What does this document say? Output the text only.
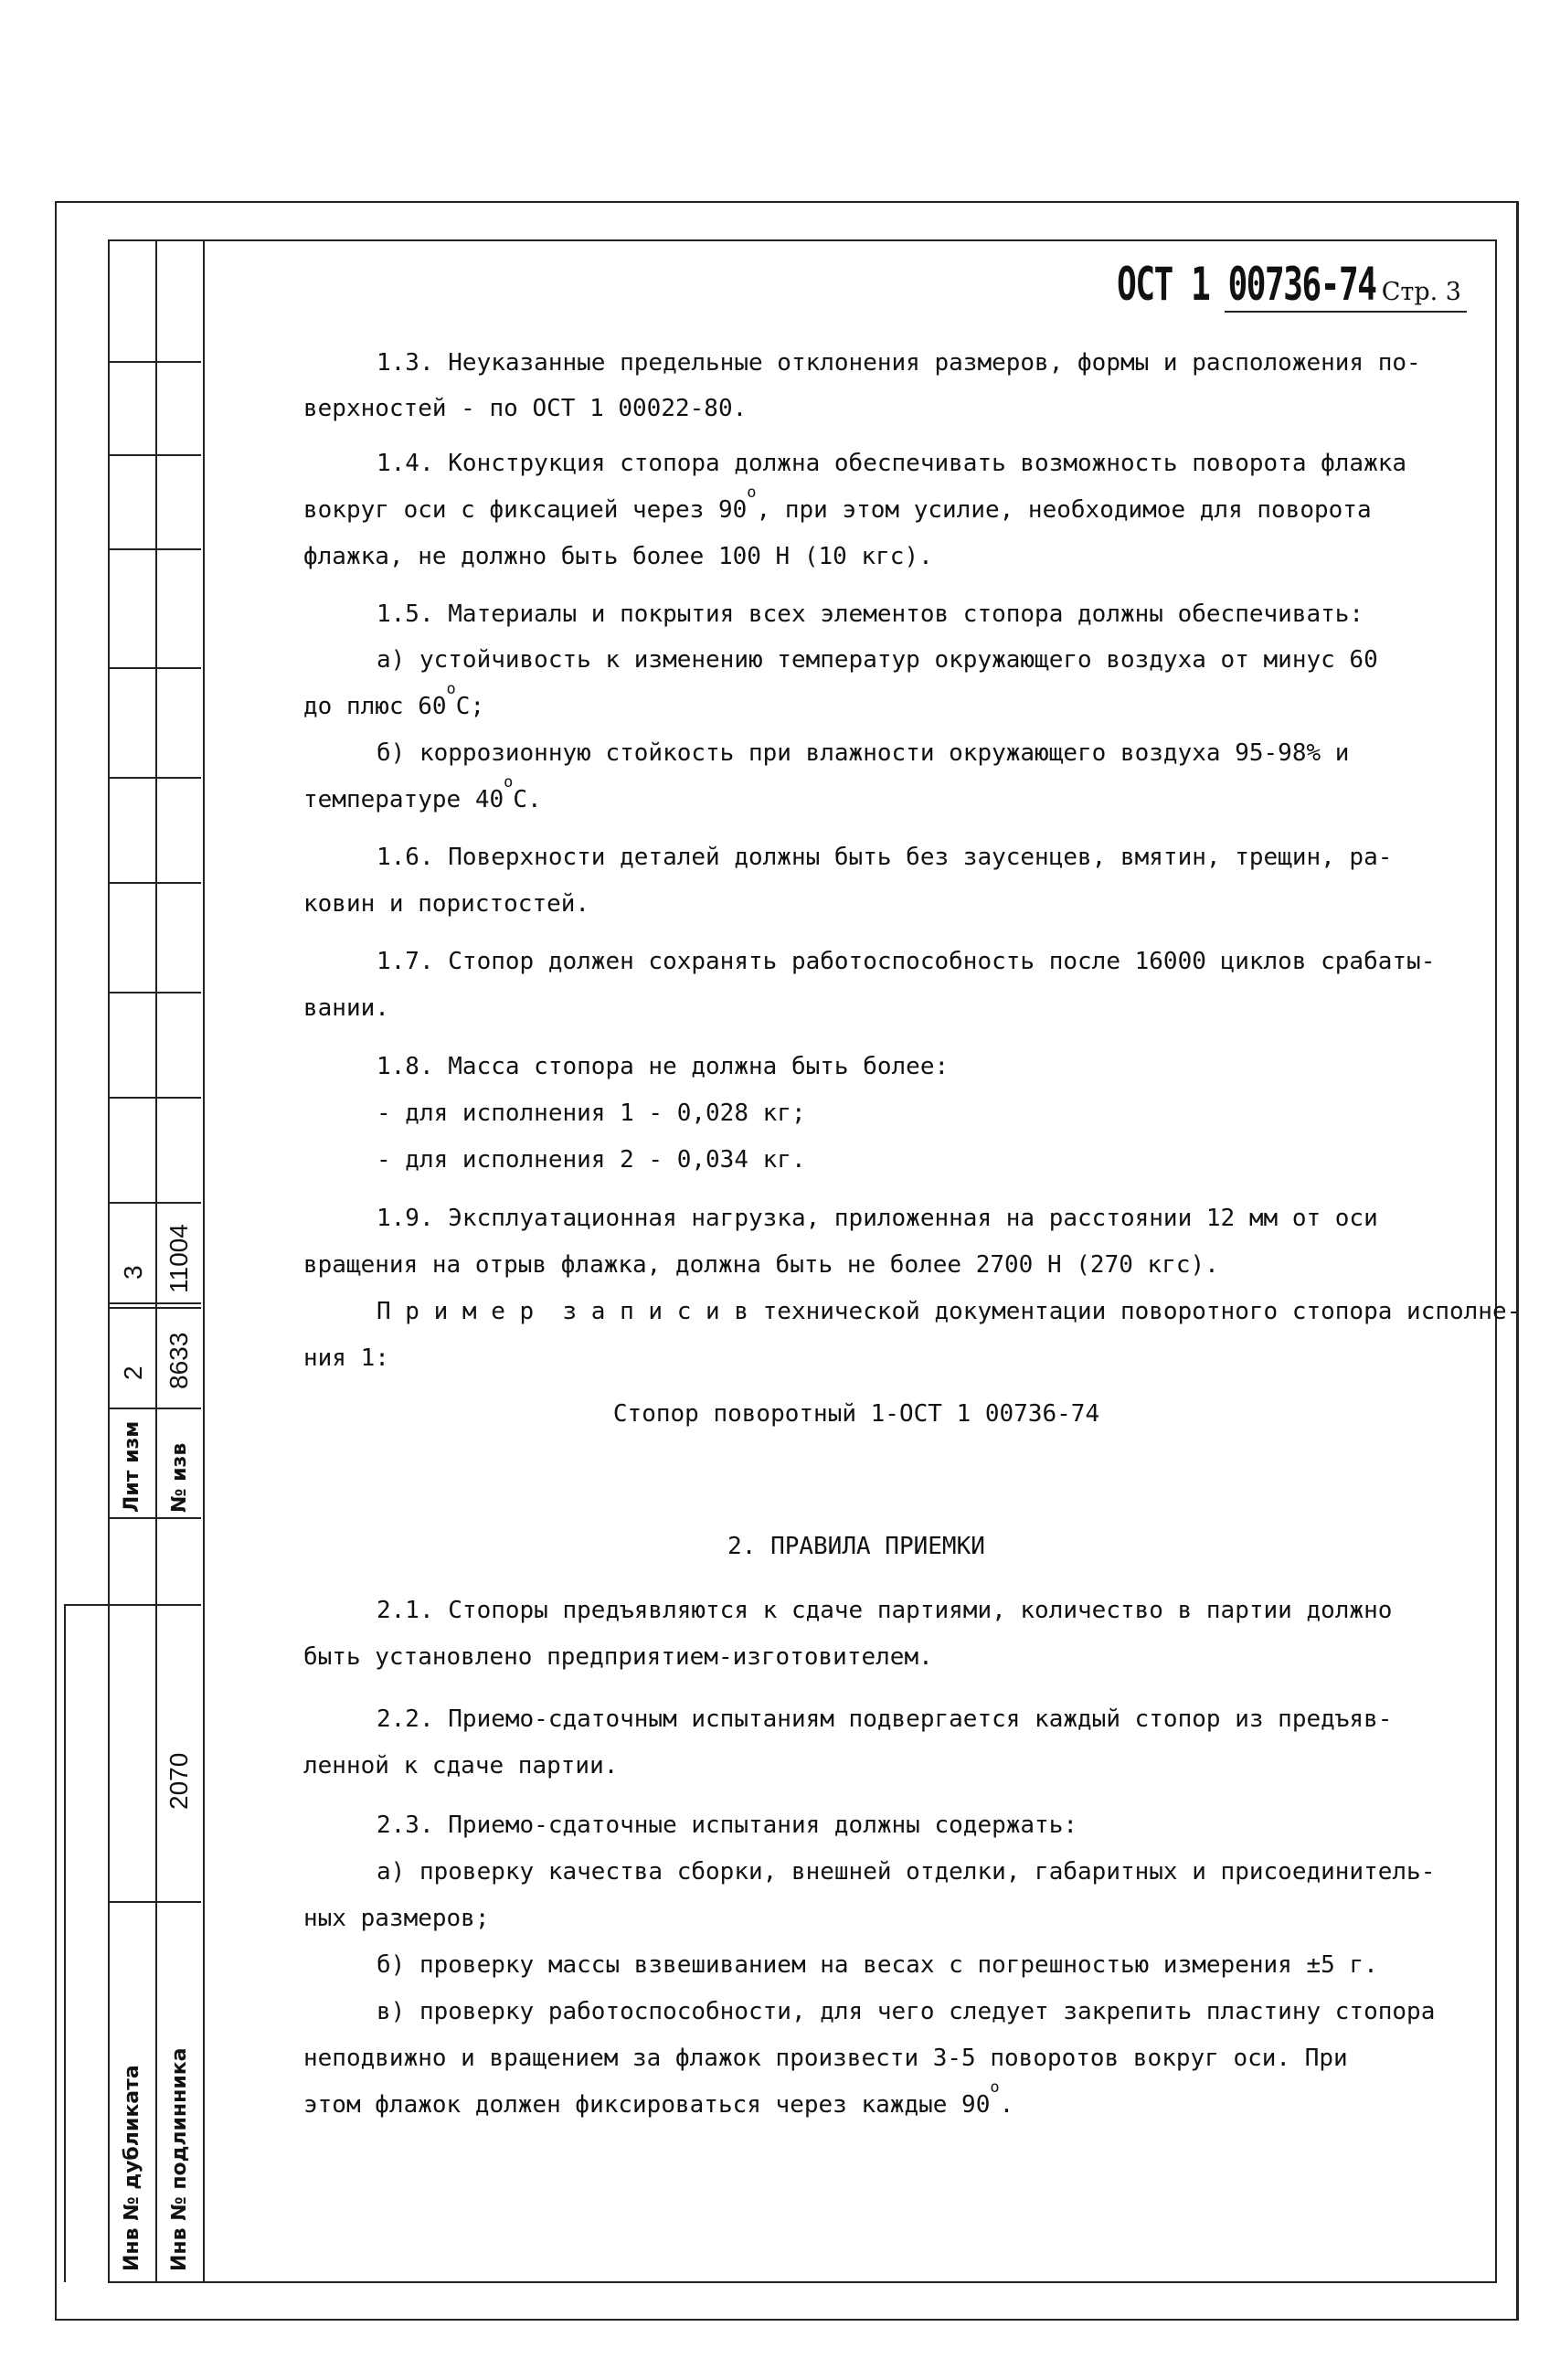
3
2
Лит изм
11004
8633
№ изв
2070
Инв № дубликата Инв № подлинника
ОСТ 1 00736-74 Стр. 3
1.3. Неуказанные предельные отклонения размеров, формы и расположения по-
верхностей - по ОСТ 1 00022-80.
1.4. Конструкция стопора должна обеспечивать возможность поворота флажка
вокруг оси с фиксацией через 90$^o$, при этом усилие, необходимое для поворота
флажка, не должно быть более 100 Н (10 кгс).
1.5. Материалы и покрытия всех элементов стопора должны обеспечивать:
а) устойчивость к изменению температур окружающего воздуха от минус 60
до плюс 60$^o$С;
б) коррозионную стойкость при влажности окружающего воздуха 95-98% и
температуре 40$^o$С.
1.6. Поверхности деталей должны быть без заусенцев, вмятин, трещин, ра-
ковин и пористостей.
1.7. Стопор должен сохранять работоспособность после 16000 циклов срабаты-
вании.
1.8. Масса стопора не должна быть более:
- для исполнения 1 - 0,028 кг;
- для исполнения 2 - 0,034 кг.
1.9. Эксплуатационная нагрузка, приложенная на расстоянии 12 мм от оси
вращения на отрыв флажка, должна быть не более 2700 Н (270 кгс).
П р и м е р  з а п и с и в технической документации поворотного стопора исполне-
ния 1:
Стопор поворотный 1-ОСТ 1 00736-74
2. ПРАВИЛА ПРИЕМКИ
2.1. Стопоры предъявляются к сдаче партиями, количество в партии должно
быть установлено предприятием-изготовителем.
2.2. Приемо-сдаточным испытаниям подвергается каждый стопор из предъяв-
ленной к сдаче партии.
2.3. Приемо-сдаточные испытания должны содержать:
а) проверку качества сборки, внешней отделки, габаритных и присоединитель-
ных размеров;
б) проверку массы взвешиванием на весах с погрешностью измерения ±5 г.
в) проверку работоспособности, для чего следует закрепить пластину стопора
неподвижно и вращением за флажок произвести 3-5 поворотов вокруг оси. При
этом флажок должен фиксироваться через каждые 90$^o$.
